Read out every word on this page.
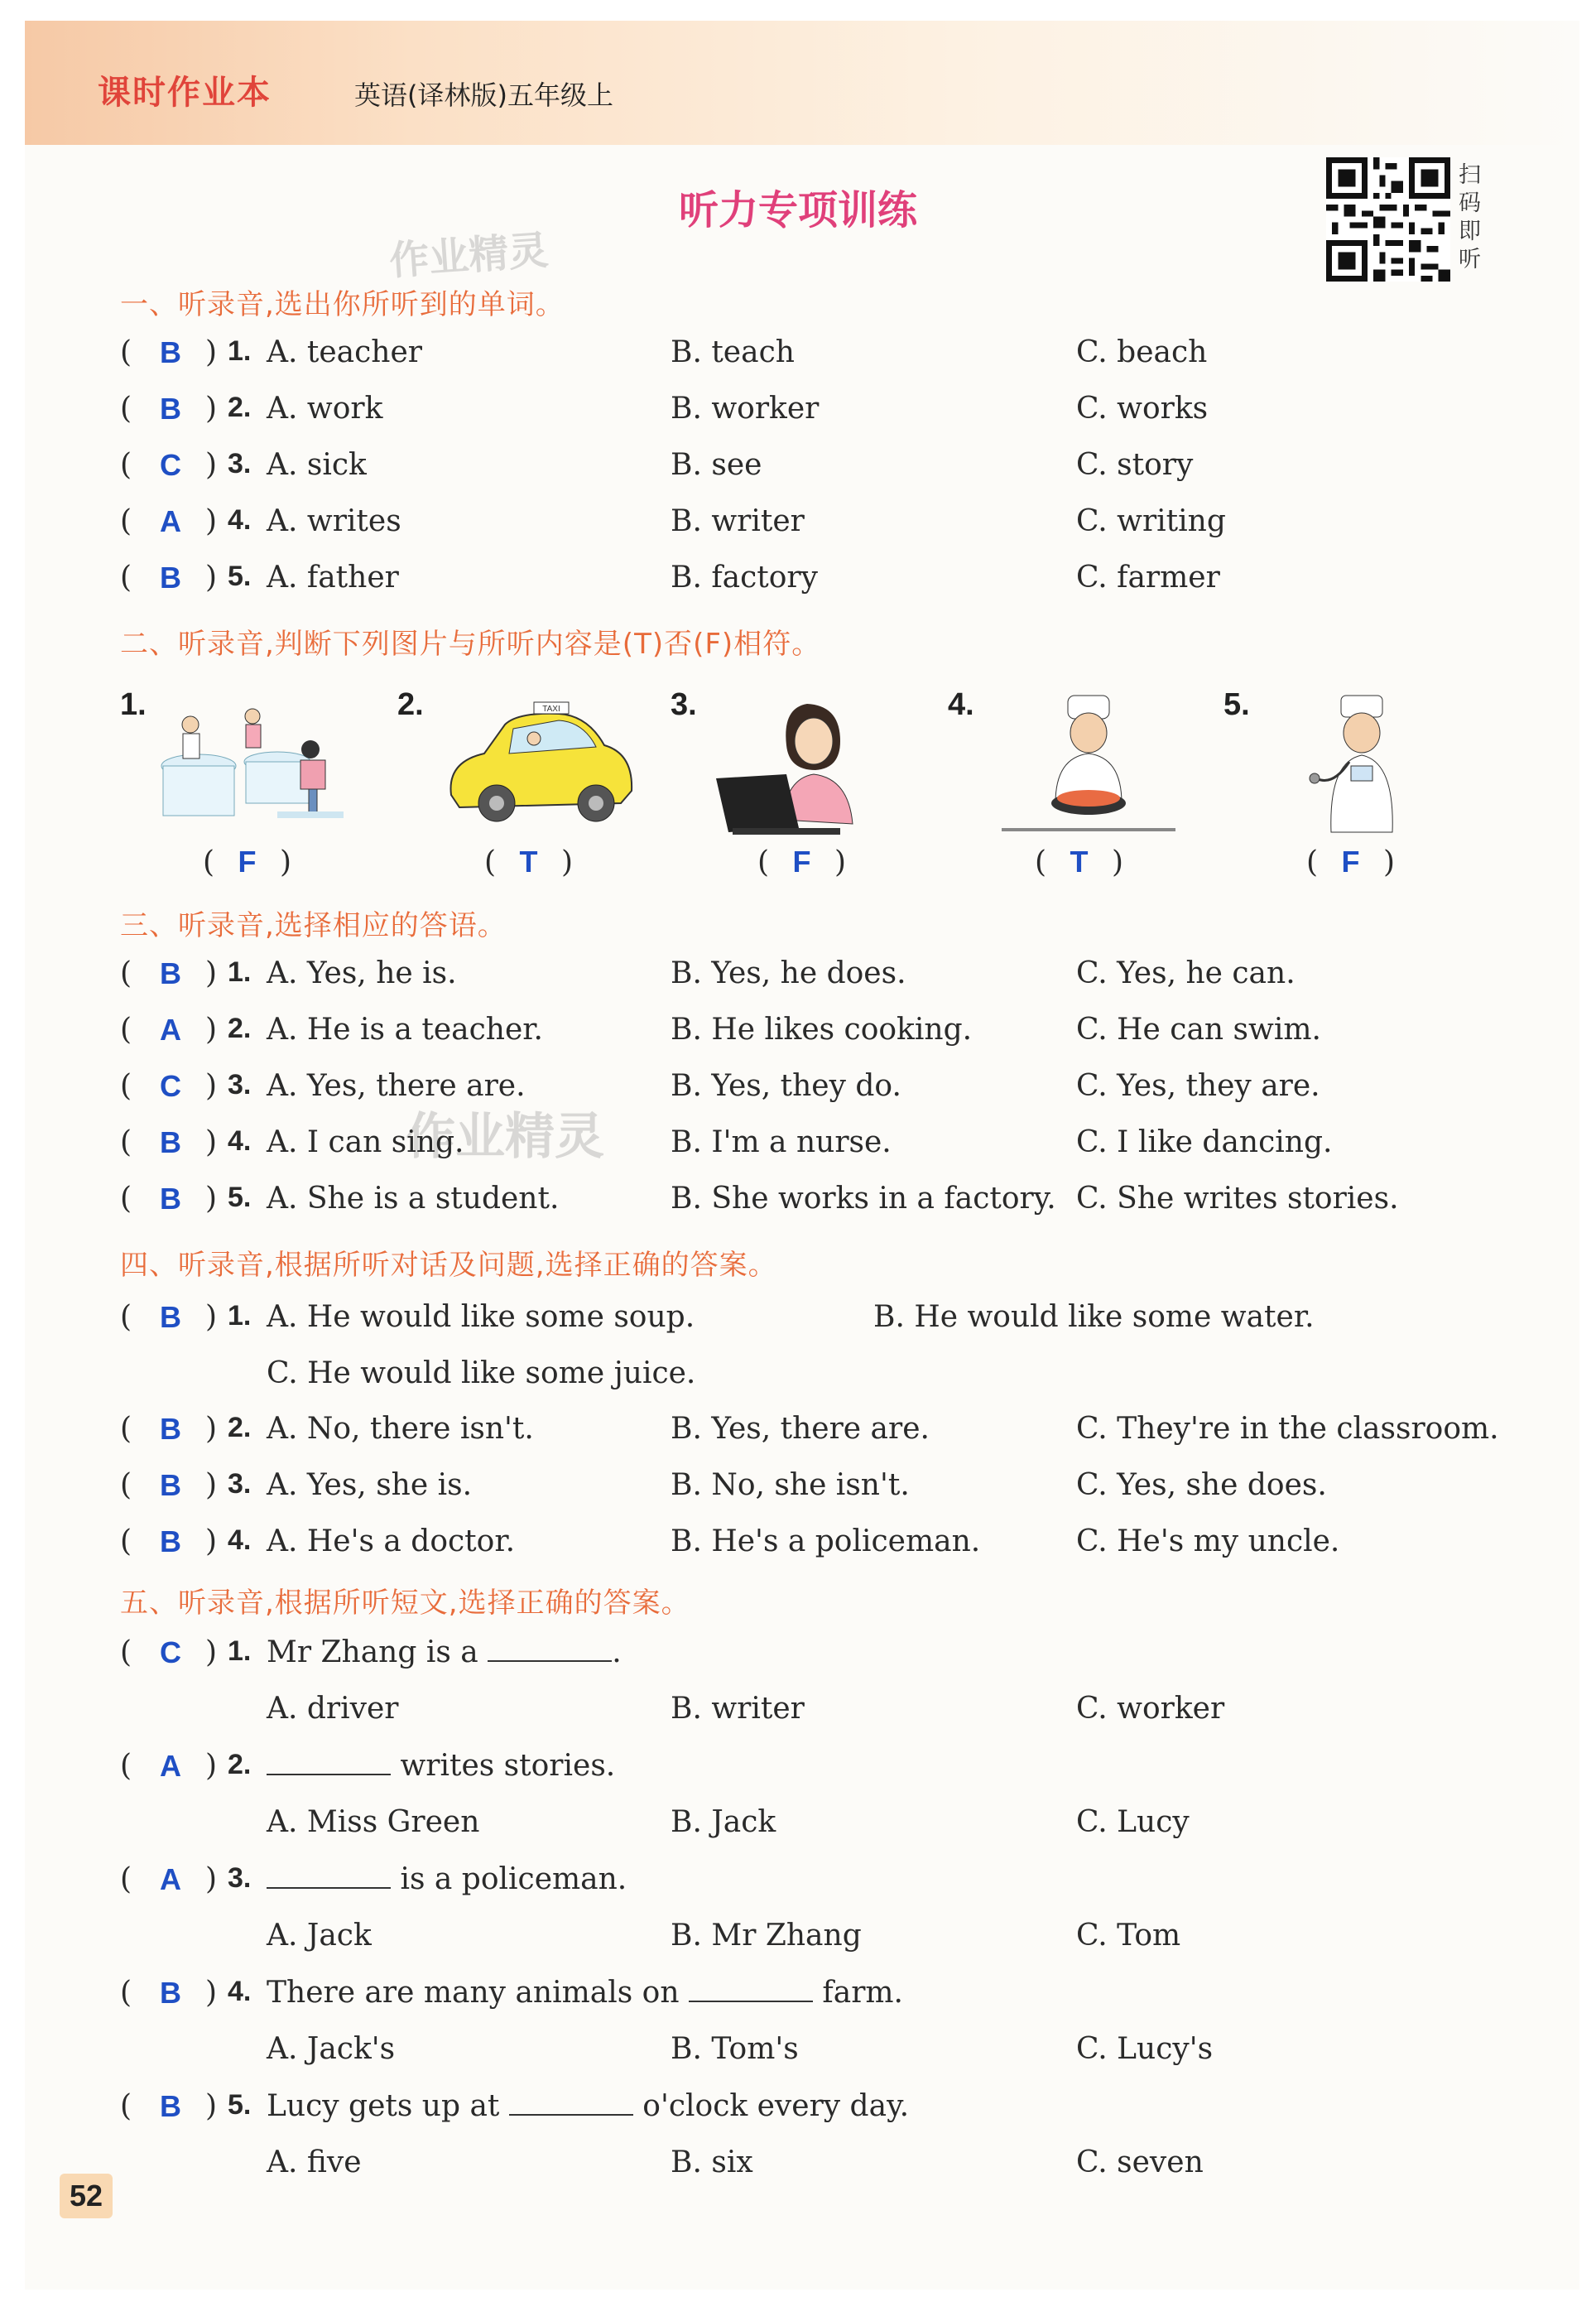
课时作业本	英语(译林版)五年级上
听力专项训练
扫
码
即
听
作业精灵
作业精灵
一、听录音,选出你所听到的单词。
( B ) 1. A. teacher	B. teach	C. beach
( B ) 2. A. work	B. worker	C. works
( C ) 3. A. sick	B. see	C. story
( A ) 4. A. writes	B. writer	C. writing
( B ) 5. A. father	B. factory	C. farmer
二、听录音,判断下列图片与所听内容是(T)否(F)相符。
1.
( F )
2.	TAXI
( T )
3.
( F )
4.
( T )
5.
( F )
三、听录音,选择相应的答语。
( B ) 1. A. Yes, he is.	B. Yes, he does.	C. Yes, he can.
( A ) 2. A. He is a teacher.	B. He likes cooking.	C. He can swim.
( C ) 3. A. Yes, there are.	B. Yes, they do.	C. Yes, they are.
( B ) 4. A. I can sing.	B. I'm a nurse.	C. I like dancing.
( B ) 5. A. She is a student.	B. She works in a factory. C. She writes stories.
四、听录音,根据所听对话及问题,选择正确的答案。
( B ) 1. A. He would like some soup.	B. He would like some water.
C. He would like some juice.
( B ) 2. A. No, there isn't.	B. Yes, there are.	C. They're in the classroom.
( B ) 3. A. Yes, she is.	B. No, she isn't.	C. Yes, she does.
( B ) 4. A. He's a doctor.	B. He's a policeman.	C. He's my uncle.
五、听录音,根据所听短文,选择正确的答案。
( C ) 1. Mr Zhang is a	.
A. driver	B. writer	C. worker
( A ) 2.	writes stories.
A. Miss Green	B. Jack	C. Lucy
( A ) 3.	is a policeman.
A. Jack	B. Mr Zhang	C. Tom
( B ) 4. There are many animals on	farm.
A. Jack's	B. Tom's	C. Lucy's
( B ) 5. Lucy gets up at	o'clock every day.
A. five	B. six	C. seven
52
